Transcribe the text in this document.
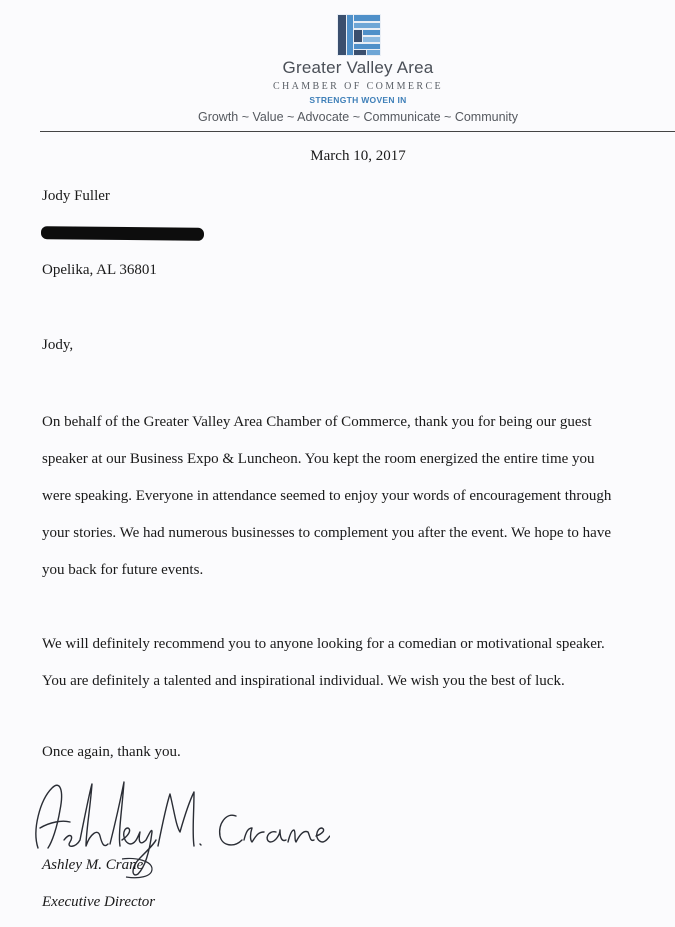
Greater Valley Area
CHAMBER OF COMMERCE
STRENGTH WOVEN IN
Growth ~ Value ~ Advocate ~ Communicate ~ Community
March 10, 2017
Jody Fuller
Opelika, AL 36801
Jody,
On behalf of the Greater Valley Area Chamber of Commerce, thank you for being our guest
speaker at our Business Expo & Luncheon. You kept the room energized the entire time you
were speaking. Everyone in attendance seemed to enjoy your words of encouragement through
your stories. We had numerous businesses to complement you after the event. We hope to have
you back for future events.
We will definitely recommend you to anyone looking for a comedian or motivational speaker.
You are definitely a talented and inspirational individual. We wish you the best of luck.
Once again, thank you.
Ashley M. Crane
Executive Director
